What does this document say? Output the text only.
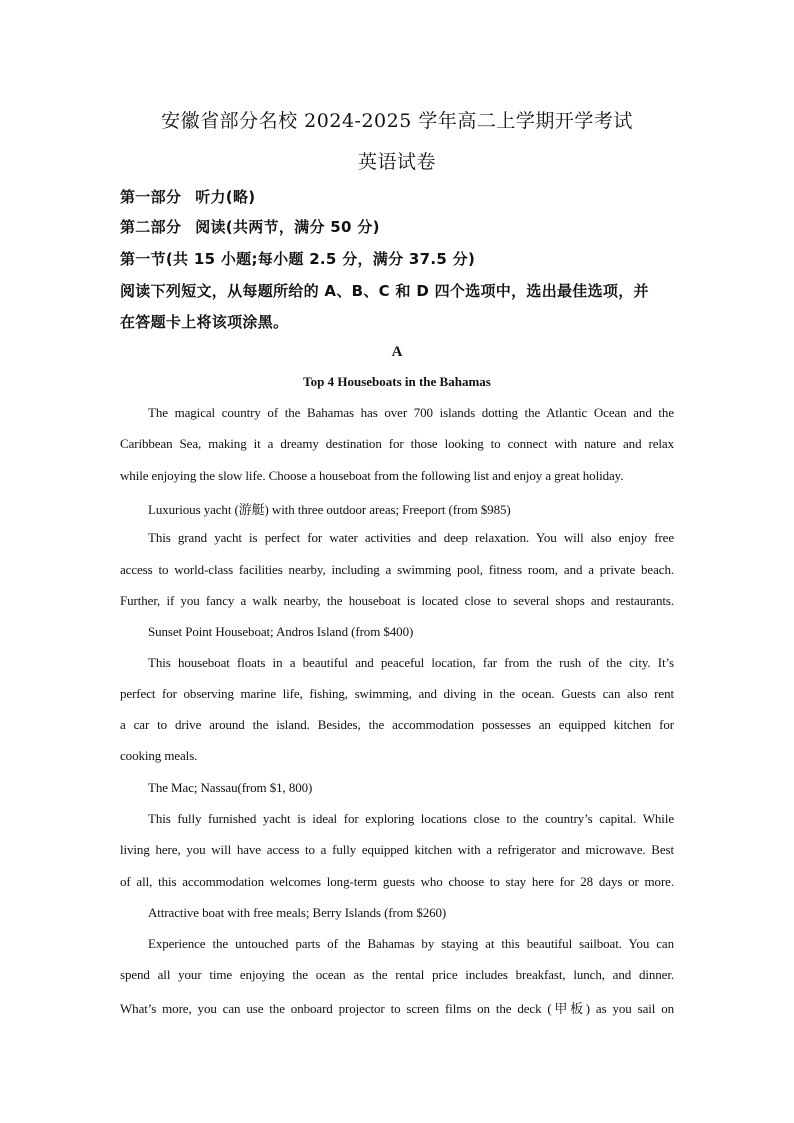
安徽省部分名校 2024-2025 学年高二上学期开学考试
英语试卷
第一部分 听力(略)
第二部分 阅读(共两节，满分 50 分)
第一节(共 15 小题;每小题 2.5 分，满分 37.5 分)
阅读下列短文，从每题所给的 A、B、C 和 D 四个选项中，选出最佳选项，并
在答题卡上将该项涂黑。
A
Top 4 Houseboats in the Bahamas
The magical country of the Bahamas has over 700 islands dotting the Atlantic Ocean and the
Caribbean Sea, making it a dreamy destination for those looking to connect with nature and relax
while enjoying the slow life. Choose a houseboat from the following list and enjoy a great holiday.
Luxurious yacht (游艇) with three outdoor areas; Freeport (from $985)
This grand yacht is perfect for water activities and deep relaxation. You will also enjoy free
access to world-class facilities nearby, including a swimming pool, fitness room, and a private beach.
Further, if you fancy a walk nearby, the houseboat is located close to several shops and restaurants.
Sunset Point Houseboat; Andros Island (from $400)
This houseboat floats in a beautiful and peaceful location, far from the rush of the city. It’s
perfect for observing marine life, fishing, swimming, and diving in the ocean. Guests can also rent
a car to drive around the island. Besides, the accommodation possesses an equipped kitchen for
cooking meals.
The Mac; Nassau(from $1, 800)
This fully furnished yacht is ideal for exploring locations close to the country’s capital. While
living here, you will have access to a fully equipped kitchen with a refrigerator and microwave. Best
of all, this accommodation welcomes long-term guests who choose to stay here for 28 days or more.
Attractive boat with free meals; Berry Islands (from $260)
Experience the untouched parts of the Bahamas by staying at this beautiful sailboat. You can
spend all your time enjoying the ocean as the rental price includes breakfast, lunch, and dinner.
What’s more, you can use the onboard projector to screen films on the deck (甲板) as you sail on
